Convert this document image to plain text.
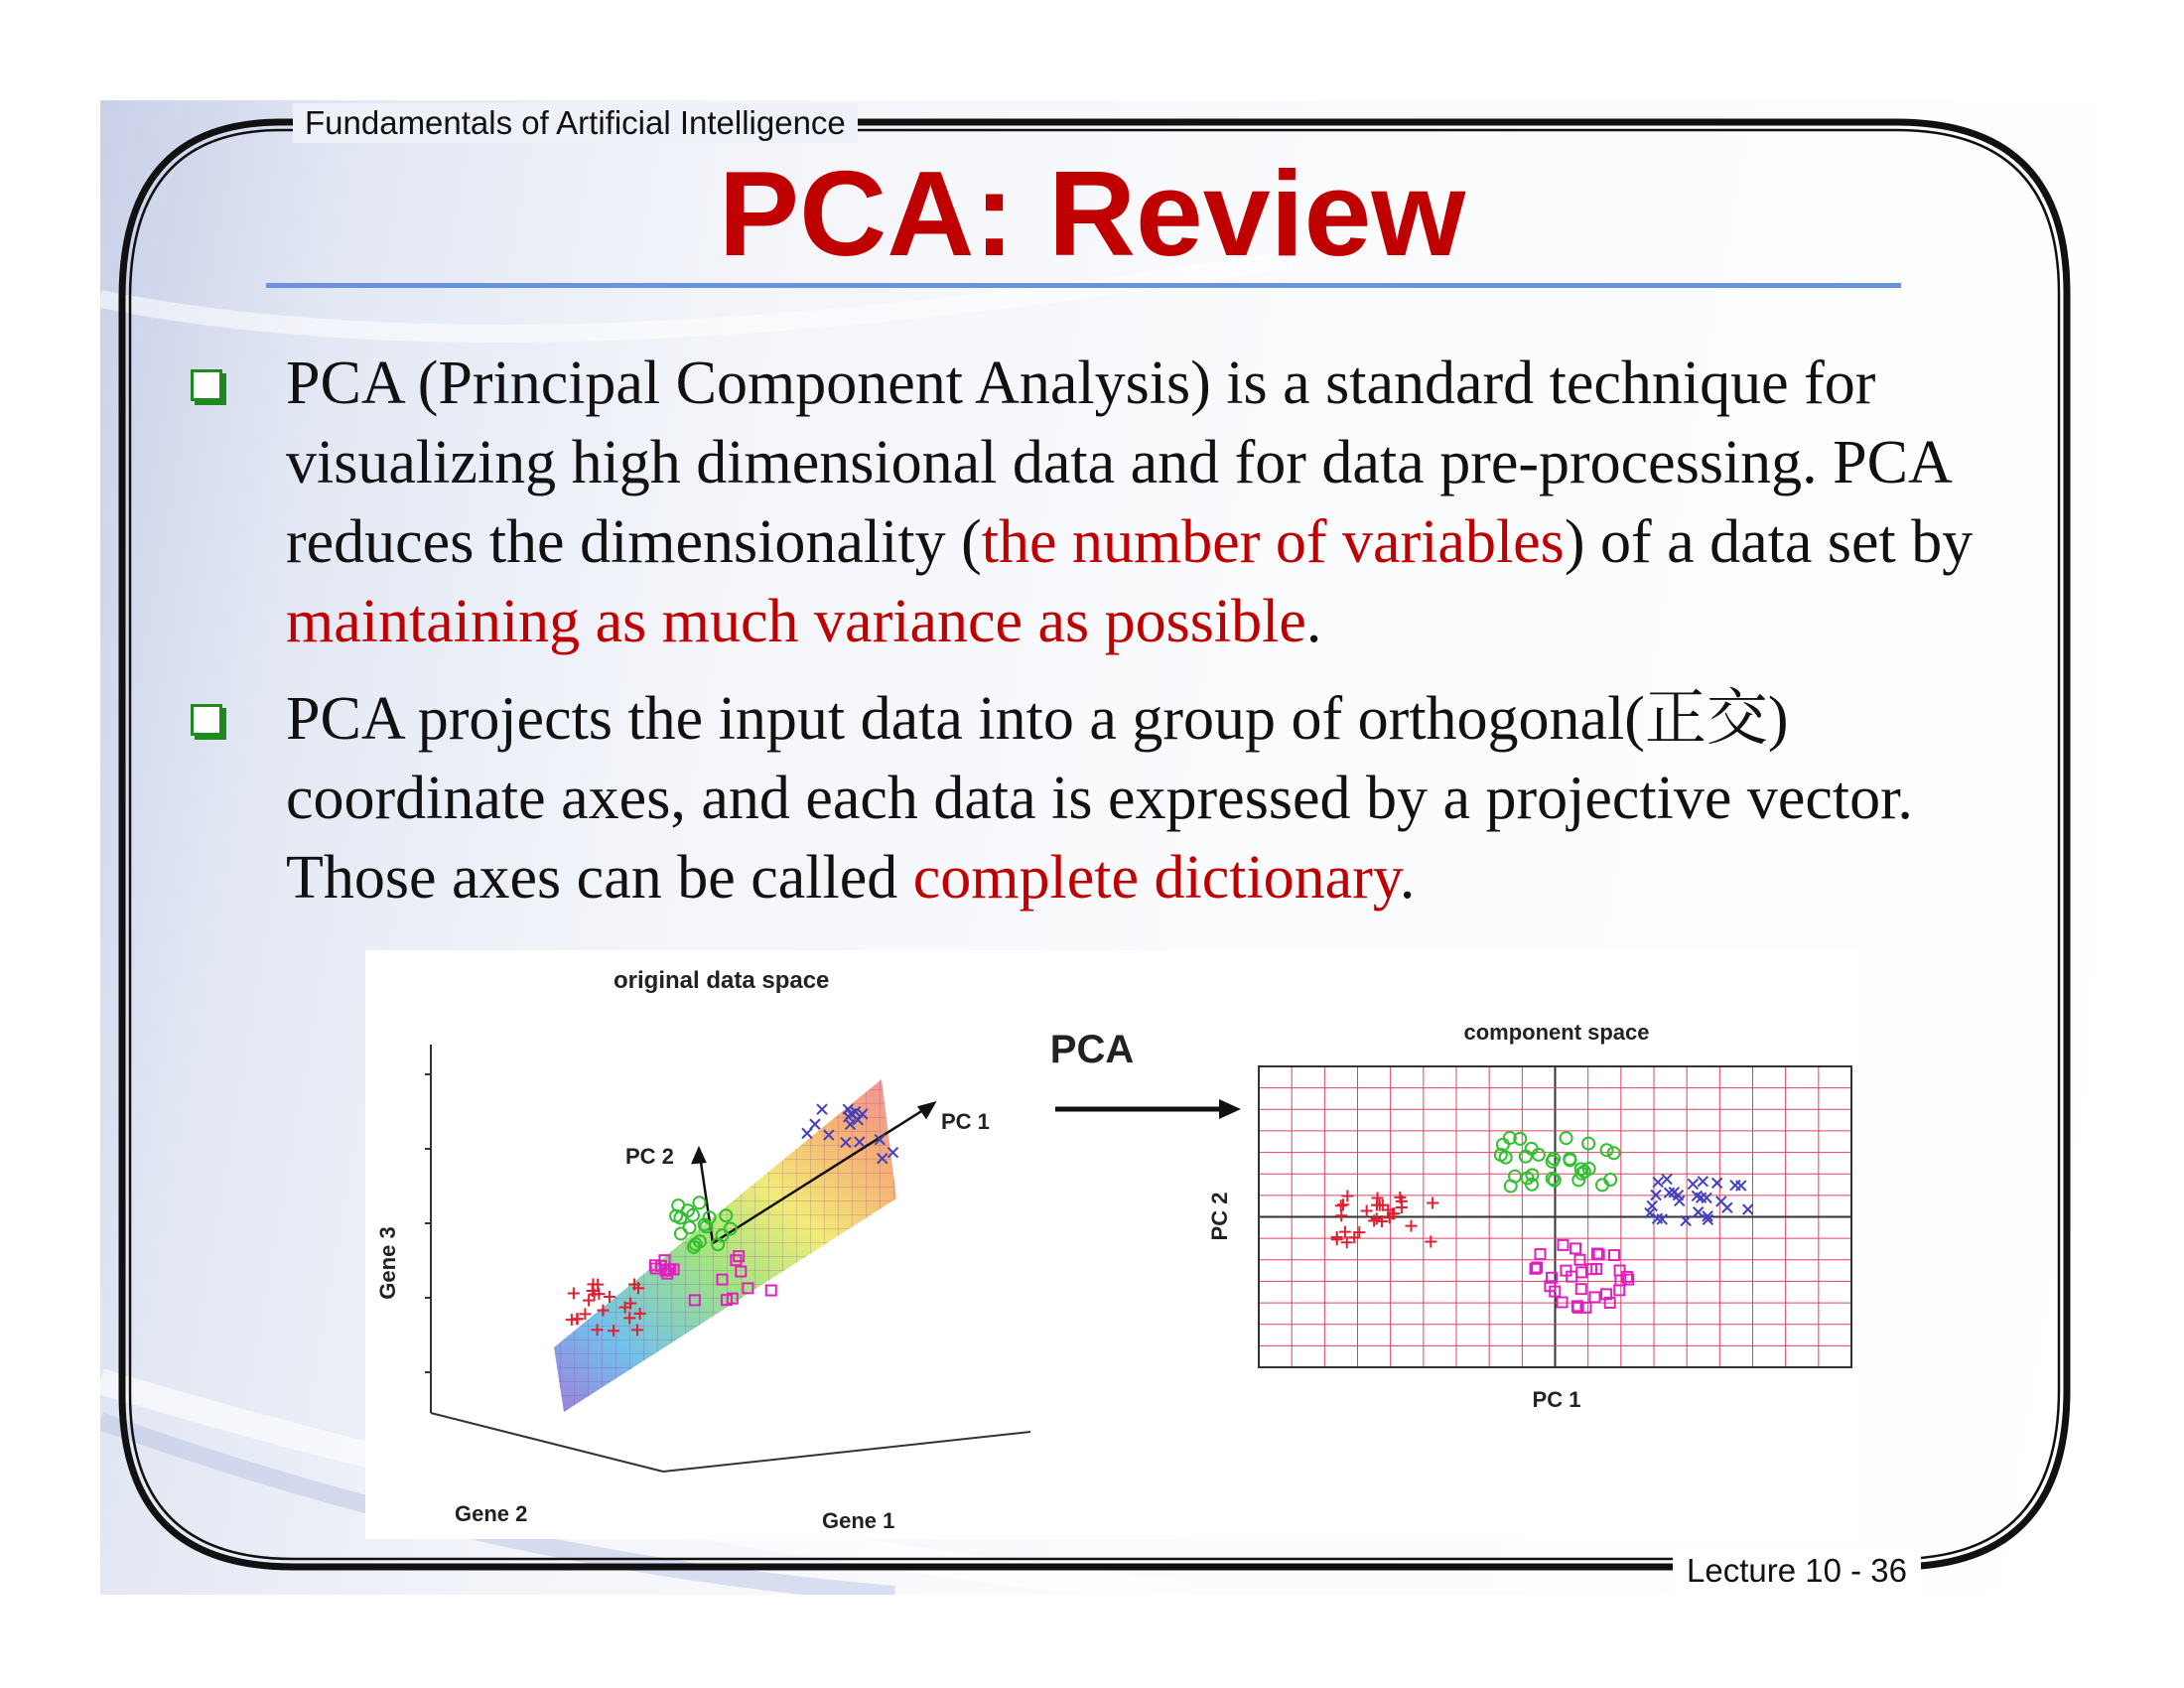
Fundamentals of Artificial Intelligence
PCA: Review
PCA (Principal Component Analysis) is a standard technique for visualizing high dimensional data and for data pre-processing. PCA reduces the dimensionality (the number of variables) of a data set by maintaining as much variance as possible.
PCA projects the input data into a group of orthogonal(正交) coordinate axes, and each data is expressed by a projective vector. Those axes can be called complete dictionary.
original data space
PC 1
PC 2
Gene 3
Gene 2	Gene 1
PCA	component space
PC 1
PC 2
Lecture 10 - 36
